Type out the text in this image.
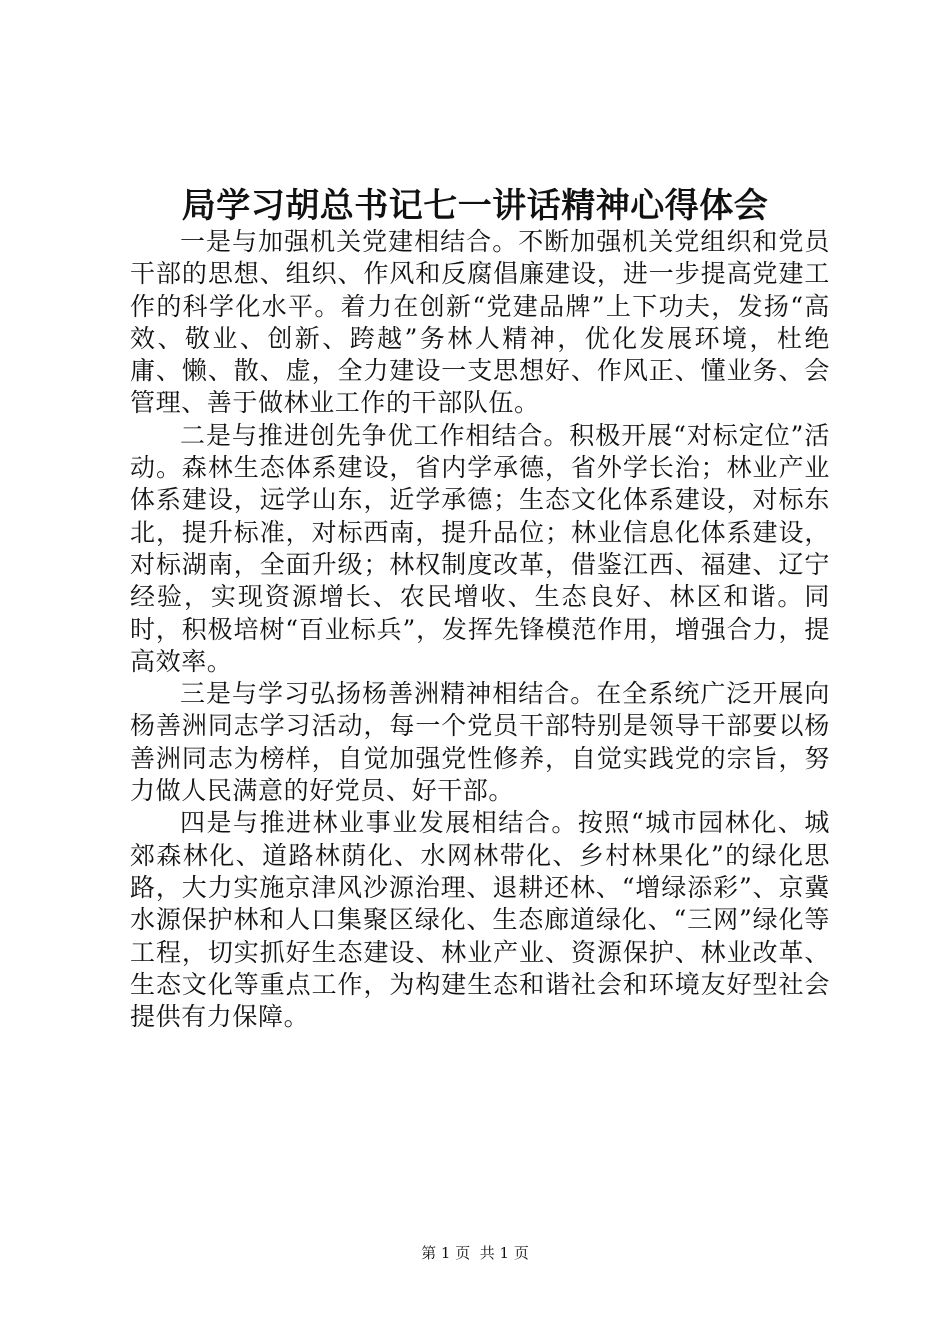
局学习胡总书记七一讲话精神心得体会

一是与加强机关党建相结合。不断加强机关党组织和党员干部的思想、组织、作风和反腐倡廉建设，进一步提高党建工作的科学化水平。着力在创新“党建品牌”上下功夫，发扬“高效、敬业、创新、跨越”务林人精神，优化发展环境，杜绝庸、懒、散、虚，全力建设一支思想好、作风正、懂业务、会管理、善于做林业工作的干部队伍。

二是与推进创先争优工作相结合。积极开展“对标定位”活动。森林生态体系建设，省内学承德，省外学长治；林业产业体系建设，远学山东，近学承德；生态文化体系建设，对标东北，提升标准，对标西南，提升品位；林业信息化体系建设，对标湖南，全面升级；林权制度改革，借鉴江西、福建、辽宁经验，实现资源增长、农民增收、生态良好、林区和谐。同时，积极培树“百业标兵”，发挥先锋模范作用，增强合力，提高效率。

三是与学习弘扬杨善洲精神相结合。在全系统广泛开展向杨善洲同志学习活动，每一个党员干部特别是领导干部要以杨善洲同志为榜样，自觉加强党性修养，自觉实践党的宗旨，努力做人民满意的好党员、好干部。

四是与推进林业事业发展相结合。按照“城市园林化、城郊森林化、道路林荫化、水网林带化、乡村林果化”的绿化思路，大力实施京津风沙源治理、退耕还林、“增绿添彩”、京冀水源保护林和人口集聚区绿化、生态廊道绿化、“三网”绿化等工程，切实抓好生态建设、林业产业、资源保护、林业改革、生态文化等重点工作，为构建生态和谐社会和环境友好型社会提供有力保障。

第 1 页 共 1 页
